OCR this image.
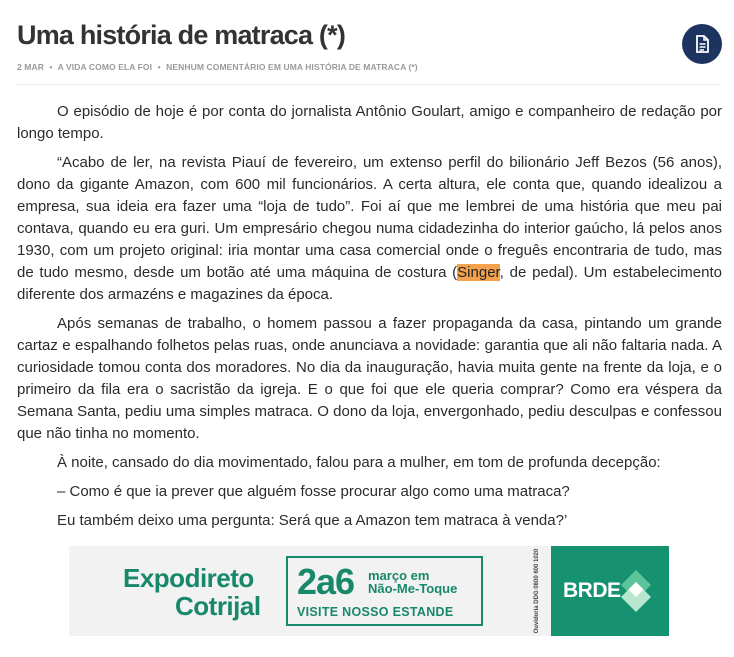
Uma história de matraca (*)
2 MAR • A VIDA COMO ELA FOI • NENHUM COMENTÁRIO EM UMA HISTÓRIA DE MATRACA (*)

O episódio de hoje é por conta do jornalista Antônio Goulart, amigo e companheiro de redação por longo tempo.

“Acabo de ler, na revista Piauí de fevereiro, um extenso perfil do bilionário Jeff Bezos (56 anos), dono da gigante Amazon, com 600 mil funcionários. A certa altura, ele conta que, quando idealizou a empresa, sua ideia era fazer uma “loja de tudo”. Foi aí que me lembrei de uma história que meu pai contava, quando eu era guri. Um empresário chegou numa cidadezinha do interior gaúcho, lá pelos anos 1930, com um projeto original: iria montar uma casa comercial onde o freguês encontraria de tudo, mas de tudo mesmo, desde um botão até uma máquina de costura (Singer, de pedal). Um estabelecimento diferente dos armazéns e magazines da época.

Após semanas de trabalho, o homem passou a fazer propaganda da casa, pintando um grande cartaz e espalhando folhetos pelas ruas, onde anunciava a novidade: garantia que ali não faltaria nada. A curiosidade tomou conta dos moradores. No dia da inauguração, havia muita gente na frente da loja, e o primeiro da fila era o sacristão da igreja. E o que foi que ele queria comprar? Como era véspera da Semana Santa, pediu uma simples matraca. O dono da loja, envergonhado, pediu desculpas e confessou que não tinha no momento.

À noite, cansado do dia movimentado, falou para a mulher, em tom de profunda decepção:

– Como é que ia prever que alguém fosse procurar algo como uma matraca?

Eu também deixo uma pergunta: Será que a Amazon tem matraca à venda?’

Expodireto
Cotrijal
2a6 março em
Não-Me-Toque
VISITE NOSSO ESTANDE	Ouvidoria DDG 0800 600 1020 BRDE
